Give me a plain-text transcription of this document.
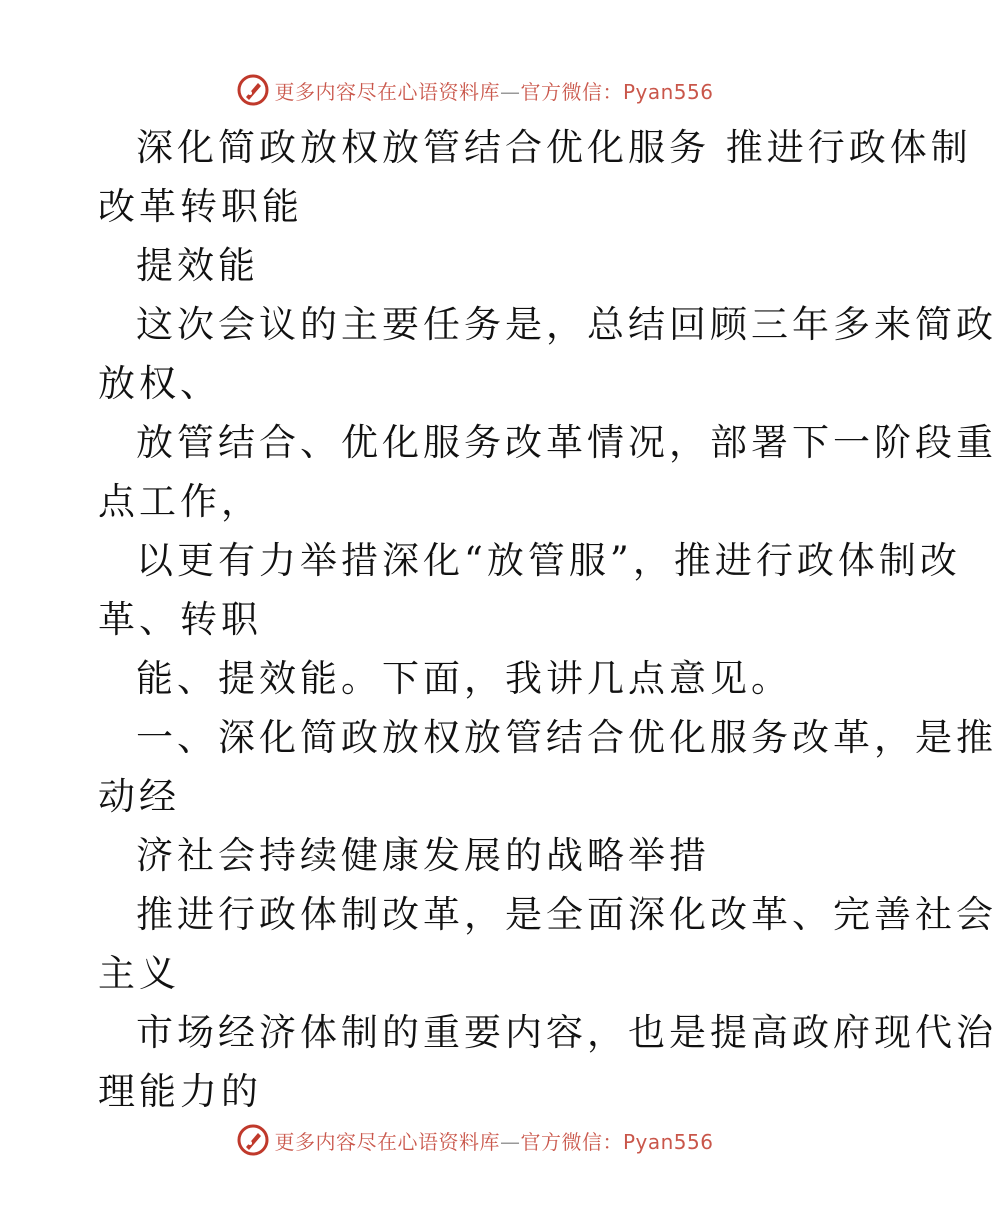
更多内容尽在心语资料库—官方微信：Pyan556
深化简政放权放管结合优化服务 推进行政体制
改革转职能
提效能
这次会议的主要任务是，总结回顾三年多来简政
放权、
放管结合、优化服务改革情况，部署下一阶段重
点工作，
以更有力举措深化“放管服”，推进行政体制改
革、转职
能、提效能。下面，我讲几点意见。
一、深化简政放权放管结合优化服务改革，是推
动经
济社会持续健康发展的战略举措
推进行政体制改革，是全面深化改革、完善社会
主义
市场经济体制的重要内容，也是提高政府现代治
理能力的
更多内容尽在心语资料库—官方微信：Pyan556
